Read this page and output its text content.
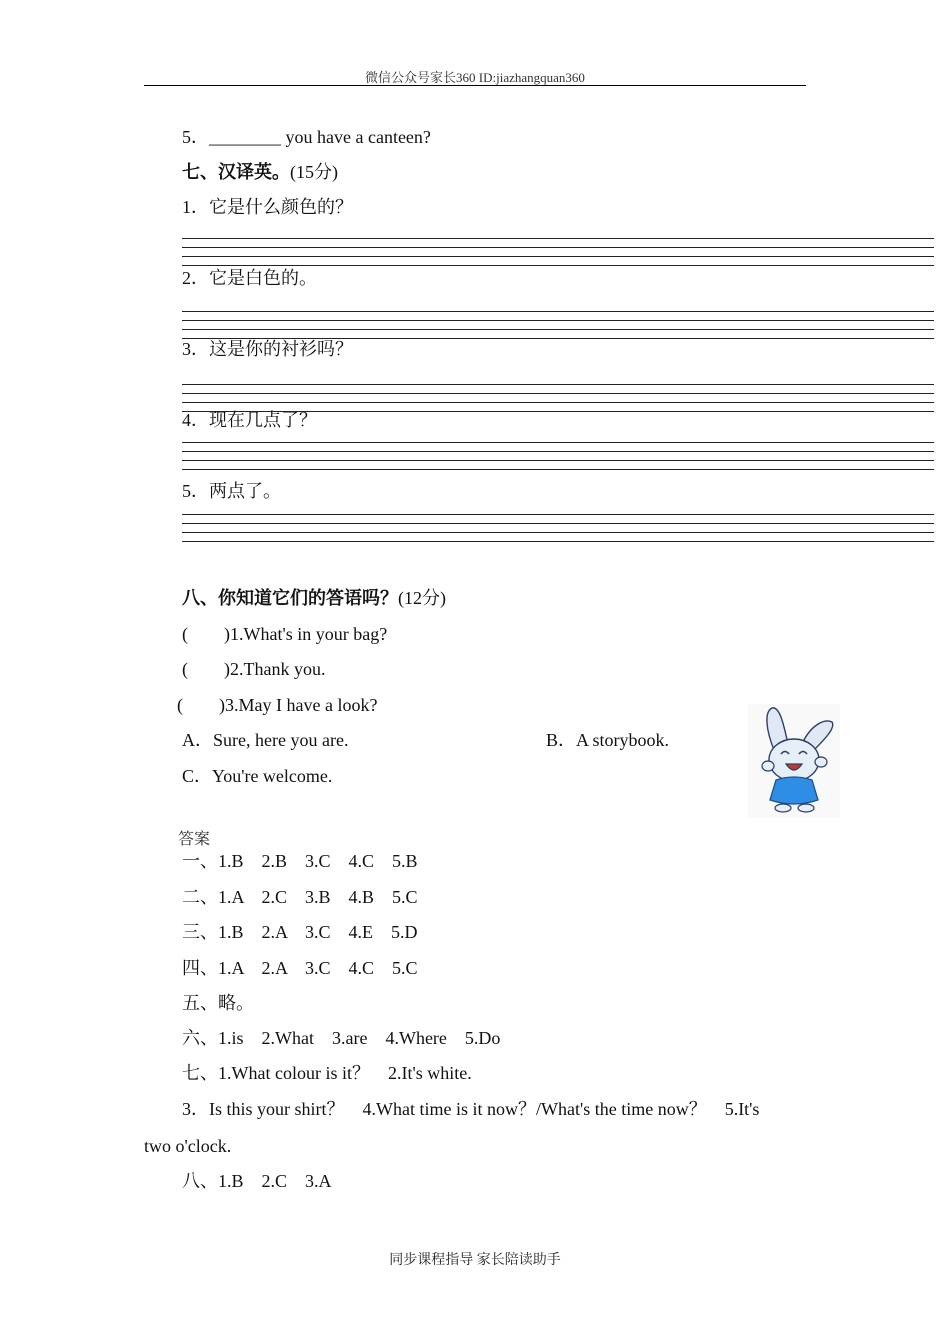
微信公众号家长360 ID:jiazhangquan360
5．________ you have a canteen?
七、汉译英。(15分)
1．它是什么颜色的？
2．它是白色的。
3．这是你的衬衫吗？
4．现在几点了？
5．两点了。
八、你知道它们的答语吗？(12分)
(　　)1.What's in your bag?
(　　)2.Thank you.
(　　)3.May I have a look?
A．Sure, here you are.	B．A storybook.
C．You're welcome.
答案
一、1.B　2.B　3.C　4.C　5.B
二、1.A　2.C　3.B　4.B　5.C
三、1.B　2.A　3.C　4.E　5.D
四、1.A　2.A　3.C　4.C　5.C
五、略。
六、1.is　2.What　3.are　4.Where　5.Do
七、1.What colour is it？　2.It's white.
3．Is this your shirt？　4.What time is it now？/What's the time now？　5.It's
two o'clock.
八、1.B　2.C　3.A
同步课程指导 家长陪读助手
